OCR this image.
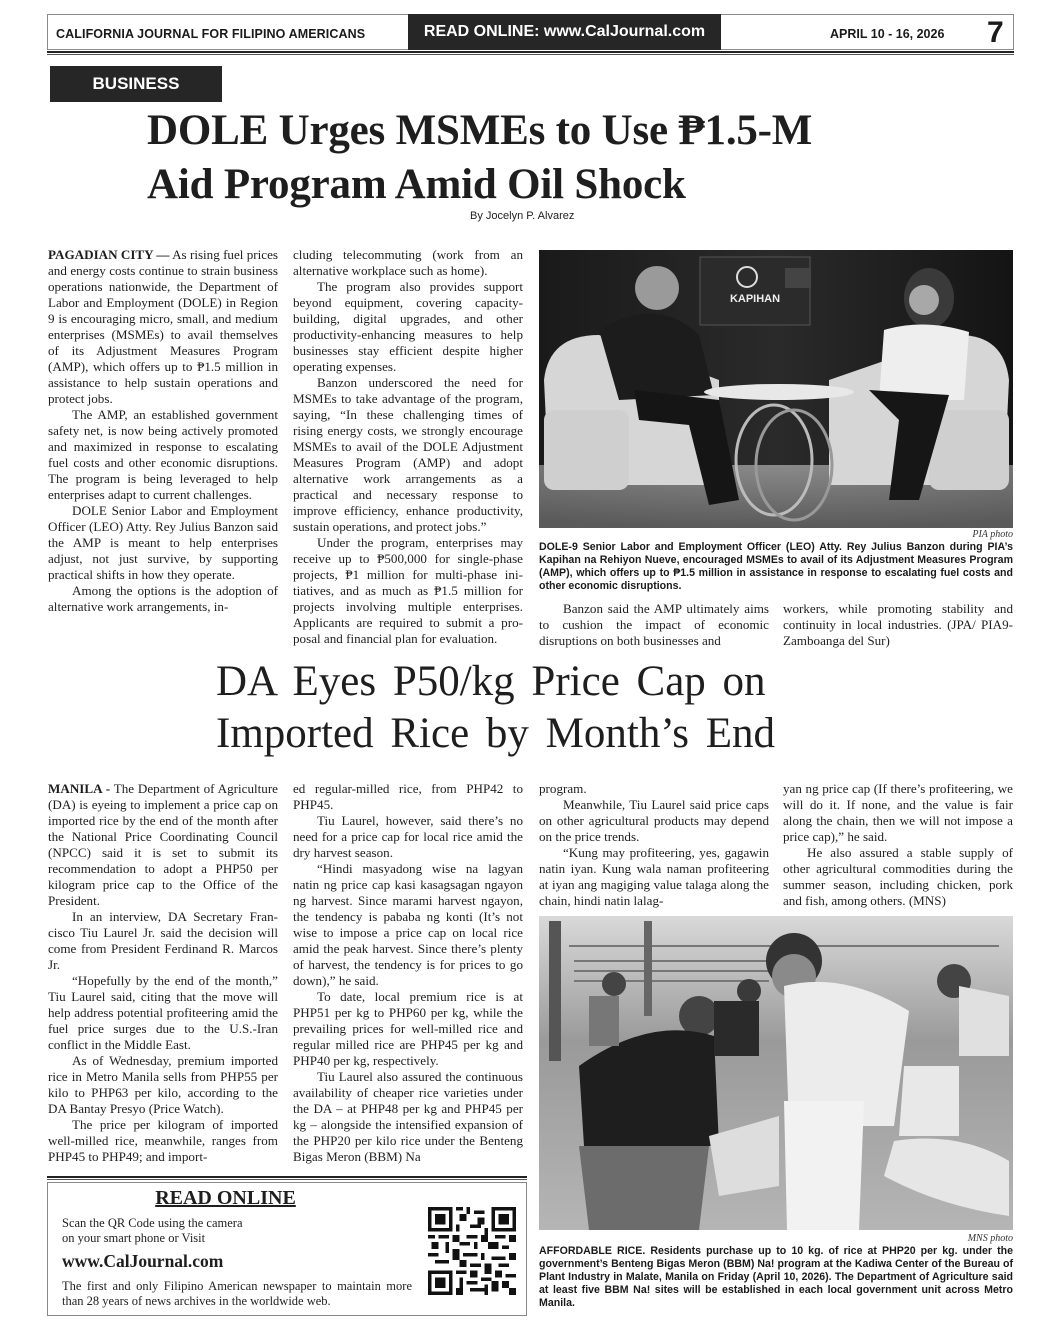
CALIFORNIA JOURNAL FOR FILIPINO AMERICANS	READ ONLINE: www.CalJournal.com	APRIL 10 - 16, 2026 7
BUSINESS
DOLE Urges MSMEs to Use ₱1.5-M
Aid Program Amid Oil Shock
By Jocelyn P. Alvarez

PAGADIAN CITY — As rising fuel prices and energy costs continue to strain business operations nationwide, the Department of Labor and Employment (DOLE) in Region 9 is encouraging micro, small, and medium enterprises (MSMEs) to avail themselves of its Adjustment Measures Program (AMP), which offers up to ₱1.5 million in assistance to help sustain operations and protect jobs.

The AMP, an established government safety net, is now being actively promoted and maximized in response to escalating fuel costs and other economic disruptions. The program is being leveraged to help enterprises adapt to current challenges.

DOLE Senior Labor and Employment Officer (LEO) Atty. Rey Julius Banzon said the AMP is meant to help enterprises adjust, not just survive, by supporting practical shifts in how they operate.

Among the options is the adoption of alternative work arrangements, in-

cluding telecommuting (work from an alternative workplace such as home).

The program also provides support beyond equipment, covering capacity-building, digital upgrades, and other productivity-enhancing measures to help businesses stay efficient despite higher operating expenses.

Banzon underscored the need for MSMEs to take advantage of the program, saying, “In these challenging times of rising energy costs, we strongly encourage MSMEs to avail of the DOLE Adjustment Measures Program (AMP) and adopt alternative work arrangements as a practical and necessary response to improve efficiency, enhance productivity, sustain operations, and protect jobs.”

Under the program, enterprises may receive up to ₱500,000 for single-phase projects, ₱1 million for multi-phase initiatives, and as much as ₱1.5 million for projects involving multiple enterprises. Applicants are required to submit a proposal and financial plan for evaluation.

KAPIHAN
PIA photo
DOLE-9 Senior Labor and Employment Officer (LEO) Atty. Rey Julius Banzon during PIA’s Kapihan na Rehiyon Nueve, encouraged MSMEs to avail of its Adjustment Measures Program (AMP), which offers up to ₱1.5 million in assistance in response to escalating fuel costs and other economic disruptions.

Banzon said the AMP ultimately aims to cushion the impact of economic disruptions on both businesses and

workers, while promoting stability and continuity in local industries. (JPA/ PIA9-Zamboanga del Sur)

DA Eyes P50/kg Price Cap on
Imported Rice by Month’s End

MANILA - The Department of Agriculture (DA) is eyeing to implement a price cap on imported rice by the end of the month after the National Price Coordinating Council (NPCC) said it is set to submit its recommendation to adopt a PHP50 per kilogram price cap to the Office of the President.

In an interview, DA Secretary Francisco Tiu Laurel Jr. said the decision will come from President Ferdinand R. Marcos Jr.

“Hopefully by the end of the month,” Tiu Laurel said, citing that the move will help address potential profiteering amid the fuel price surges due to the U.S.-Iran conflict in the Middle East.

As of Wednesday, premium imported rice in Metro Manila sells from PHP55 per kilo to PHP63 per kilo, according to the DA Bantay Presyo (Price Watch).

The price per kilogram of imported well-milled rice, meanwhile, ranges from PHP45 to PHP49; and import-

ed regular-milled rice, from PHP42 to PHP45.

Tiu Laurel, however, said there’s no need for a price cap for local rice amid the dry harvest season.

“Hindi masyadong wise na lagyan natin ng price cap kasi kasagsagan ngayon ng harvest. Since marami harvest ngayon, the tendency is pababa ng konti (It’s not wise to impose a price cap on local rice amid the peak harvest. Since there’s plenty of harvest, the tendency is for prices to go down),” he said.

To date, local premium rice is at PHP51 per kg to PHP60 per kg, while the prevailing prices for well-milled rice and regular milled rice are PHP45 per kg and PHP40 per kg, respectively.

Tiu Laurel also assured the continuous availability of cheaper rice varieties under the DA – at PHP48 per kg and PHP45 per kg – alongside the intensified expansion of the PHP20 per kilo rice under the Benteng Bigas Meron (BBM) Na

program.

Meanwhile, Tiu Laurel said price caps on other agricultural products may depend on the price trends.

“Kung may profiteering, yes, gagawin natin iyan. Kung wala naman profiteering at iyan ang magiging value talaga along the chain, hindi natin lalag-

yan ng price cap (If there’s profiteering, we will do it. If none, and the value is fair along the chain, then we will not impose a price cap),” he said.

He also assured a stable supply of other agricultural commodities during the summer season, including chicken, pork and fish, among others. (MNS)

MNS photo
AFFORDABLE RICE. Residents purchase up to 10 kg. of rice at PHP20 per kg. under the government’s Benteng Bigas Meron (BBM) Na! program at the Kadiwa Center of the Bureau of Plant Industry in Malate, Manila on Friday (April 10, 2026). The Department of Agriculture said at least five BBM Na! sites will be established in each local government unit across Metro Manila.
READ ONLINE
Scan the QR Code using the camera
on your smart phone or Visit
www.CalJournal.com
The first and only Filipino American newspaper to maintain more than 28 years of news archives in the worldwide web.
